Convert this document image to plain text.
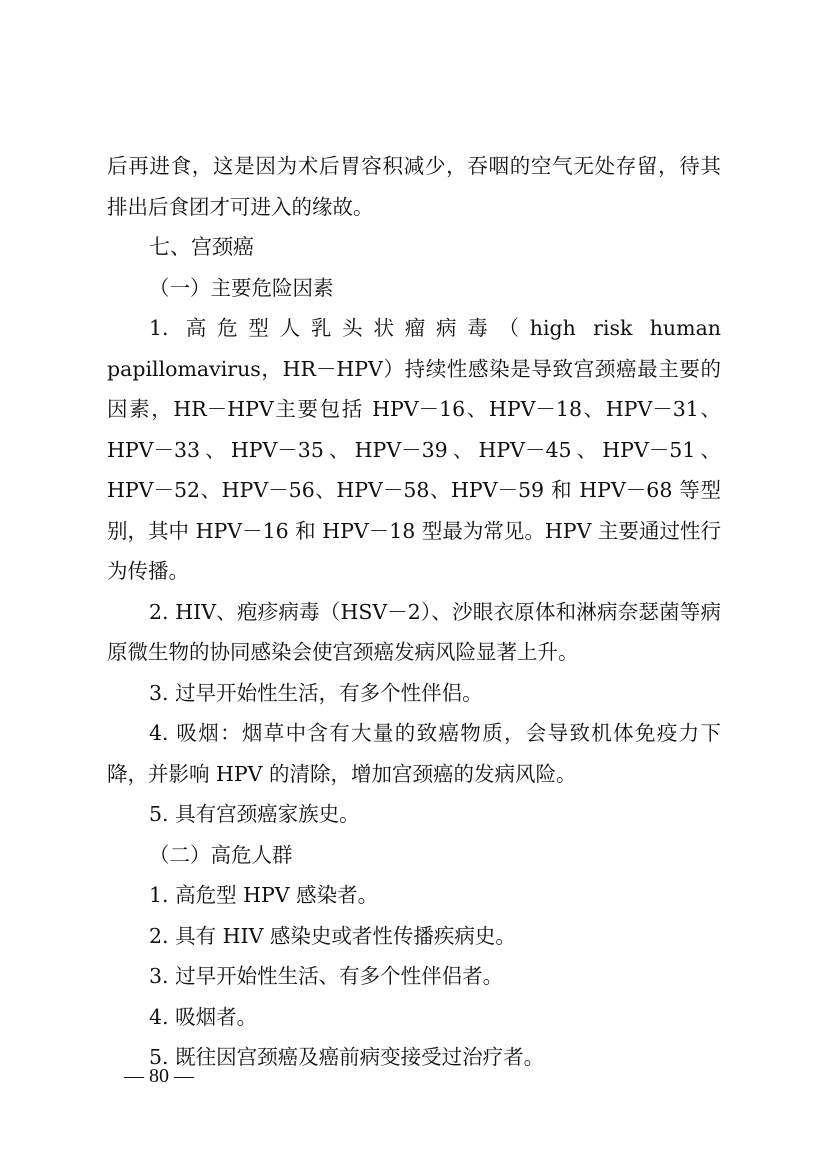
后再进食，这是因为术后胃容积减少，吞咽的空气无处存留，待其排出后食团才可进入的缘故。

七、宫颈癌

（一）主要危险因素

1. 高危型人乳头状瘤病毒（high risk human papillomavirus，HR－HPV）持续性感染是导致宫颈癌最主要的因素，HR－HPV主要包括 HPV－16、HPV－18、HPV－31、HPV－33、HPV－35、HPV－39、HPV－45、HPV－51、HPV－52、HPV－56、HPV－58、HPV－59 和 HPV－68 等型别，其中 HPV－16 和 HPV－18 型最为常见。HPV 主要通过性行为传播。

2. HIV、疱疹病毒（HSV－2）、沙眼衣原体和淋病奈瑟菌等病原微生物的协同感染会使宫颈癌发病风险显著上升。

3. 过早开始性生活，有多个性伴侣。

4. 吸烟：烟草中含有大量的致癌物质，会导致机体免疫力下降，并影响 HPV 的清除，增加宫颈癌的发病风险。

5. 具有宫颈癌家族史。

（二）高危人群

1. 高危型 HPV 感染者。

2. 具有 HIV 感染史或者性传播疾病史。

3. 过早开始性生活、有多个性伴侣者。

4. 吸烟者。

5. 既往因宫颈癌及癌前病变接受过治疗者。

— 80 —
